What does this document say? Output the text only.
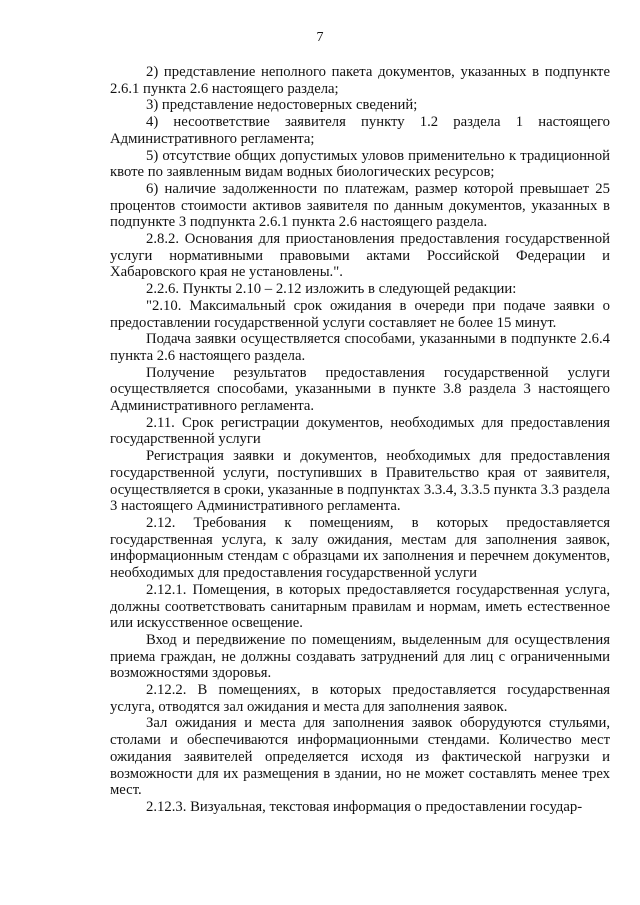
7

2) представление неполного пакета документов, указанных в подпункте 2.6.1 пункта 2.6 настоящего раздела;

3) представление недостоверных сведений;

4) несоответствие заявителя пункту 1.2 раздела 1 настоящего Административного регламента;

5) отсутствие общих допустимых уловов применительно к традиционной квоте по заявленным видам водных биологических ресурсов;

6) наличие задолженности по платежам, размер которой превышает 25 процентов стоимости активов заявителя по данным документов, указанных в подпункте 3 подпункта 2.6.1 пункта 2.6 настоящего раздела.

2.8.2. Основания для приостановления предоставления государственной услуги нормативными правовыми актами Российской Федерации и Хабаровского края не установлены.".

2.2.6. Пункты 2.10 – 2.12 изложить в следующей редакции:

"2.10. Максимальный срок ожидания в очереди при подаче заявки о предоставлении государственной услуги составляет не более 15 минут.

Подача заявки осуществляется способами, указанными в подпункте 2.6.4 пункта 2.6 настоящего раздела.

Получение результатов предоставления государственной услуги осуществляется способами, указанными в пункте 3.8 раздела 3 настоящего Административного регламента.

2.11. Срок регистрации документов, необходимых для предоставления государственной услуги

Регистрация заявки и документов, необходимых для предоставления государственной услуги, поступивших в Правительство края от заявителя, осуществляется в сроки, указанные в подпунктах 3.3.4, 3.3.5 пункта 3.3 раздела 3 настоящего Административного регламента.

2.12. Требования к помещениям, в которых предоставляется государственная услуга, к залу ожидания, местам для заполнения заявок, информационным стендам с образцами их заполнения и перечнем документов, необходимых для предоставления государственной услуги

2.12.1. Помещения, в которых предоставляется государственная услуга, должны соответствовать санитарным правилам и нормам, иметь естественное или искусственное освещение.

Вход и передвижение по помещениям, выделенным для осуществления приема граждан, не должны создавать затруднений для лиц с ограниченными возможностями здоровья.

2.12.2. В помещениях, в которых предоставляется государственная услуга, отводятся зал ожидания и места для заполнения заявок.

Зал ожидания и места для заполнения заявок оборудуются стульями, столами и обеспечиваются информационными стендами. Количество мест ожидания заявителей определяется исходя из фактической нагрузки и возможности для их размещения в здании, но не может составлять менее трех мест.

2.12.3. Визуальная, текстовая информация о предоставлении государ-
